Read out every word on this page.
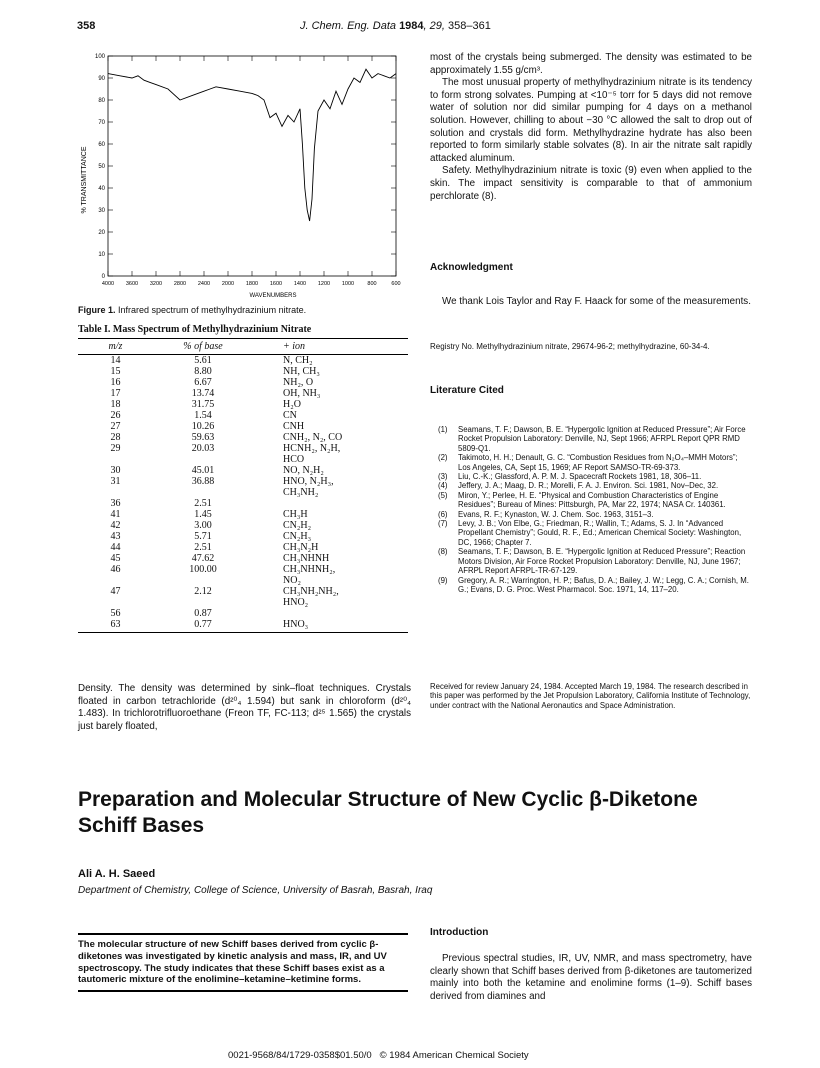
358	J. Chem. Eng. Data 1984, 29, 358–361
% TRANSMITTANCE
WAVENUMBERS
100
90
80
70
60
50
40
30
20
10
0
4000 3600 3200 2800 2400 2000 1800 1600 1400 1200 1000 800	600
Figure 1. Infrared spectrum of methylhydrazinium nitrate.
Table I. Mass Spectrum of Methylhydrazinium Nitrate
m/z	% of base	+ ion
14	5.61	N, CH₂
15	8.80	NH, CH₃
16	6.67	NH₂, O
17	13.74	OH, NH₃
18	31.75	H₂O
26	1.54	CN
27	10.26	CNH
28	59.63	CNH₂, N₂, CO
29	20.03	HCNH₂, N₂H,
		HCO
30	45.01	NO, N₂H₂
31	36.88	HNO, N₂H₃,
		CH₃NH₂
36	2.51	
41	1.45	CH₃H
42	3.00	CN₂H₂
43	5.71	CN₂H₃
44	2.51	CH₃N₂H
45	47.62	CH₃NHNH
46	100.00	CH₃NHNH₂,
		NO₂
47	2.12	CH₃NH₂NH₂,
		HNO₂
56	0.87	
63	0.77	HNO₃
Density. The density was determined by sink–float techniques. Crystals floated in carbon tetrachloride (d²⁰₄ 1.594) but sank in chloroform (d²⁰₄ 1.483). In trichlorotrifluoroethane (Freon TF, FC-113; d²⁵ 1.565) the crystals just barely floated,
most of the crystals being submerged. The density was estimated to be approximately 1.55 g/cm³.
The most unusual property of methylhydrazinium nitrate is its tendency to form strong solvates. Pumping at <10⁻⁵ torr for 5 days did not remove water of solution nor did similar pumping for 4 days on a methanol solution. However, chilling to about −30 °C allowed the salt to drop out of solution and crystals did form. Methylhydrazine hydrate has also been reported to form similarly stable solvates (8). In air the nitrate salt rapidly attacked aluminum.
Safety. Methylhydrazinium nitrate is toxic (9) even when applied to the skin. The impact sensitivity is comparable to that of ammonium perchlorate (8).
Acknowledgment
We thank Lois Taylor and Ray F. Haack for some of the measurements.
Registry No. Methylhydrazinium nitrate, 29674-96-2; methylhydrazine, 60-34-4.
Literature Cited
(1) Seamans, T. F.; Dawson, B. E. “Hypergolic Ignition at Reduced Pressure”; Air Force Rocket Propulsion Laboratory: Denville, NJ, Sept 1966; AFRPL Report QPR RMD 5809-Q1.
(2) Takimoto, H. H.; Denault, G. C. “Combustion Residues from N₂O₄–MMH Motors”; Los Angeles, CA, Sept 15, 1969; AF Report SAMSO-TR-69-373.
(3) Liu, C.-K.; Glassford, A. P. M. J. Spacecraft Rockets 1981, 18, 306–11.
(4) Jeffery, J. A.; Maag, D. R.; Morelli, F. A. J. Environ. Sci. 1981, Nov–Dec, 32.
(5) Miron, Y.; Perlee, H. E. “Physical and Combustion Characteristics of Engine Residues”; Bureau of Mines: Pittsburgh, PA, Mar 22, 1974; NASA Cr. 140361.
(6) Evans, R. F.; Kynaston, W. J. Chem. Soc. 1963, 3151–3.
(7) Levy, J. B.; Von Elbe, G.; Friedman, R.; Wallin, T.; Adams, S. J. In “Advanced Propellant Chemistry”; Gould, R. F., Ed.; American Chemical Society: Washington, DC, 1966; Chapter 7.
(8) Seamans, T. F.; Dawson, B. E. “Hypergolic Ignition at Reduced Pressure”; Reaction Motors Division, Air Force Rocket Propulsion Laboratory: Denville, NJ, June 1967; AFRPL Report AFRPL-TR-67-129.
(9) Gregory, A. R.; Warrington, H. P.; Bafus, D. A.; Bailey, J. W.; Legg, C. A.; Cornish, M. G.; Evans, D. G. Proc. West Pharmacol. Soc. 1971, 14, 117–20.
Received for review January 24, 1984. Accepted March 19, 1984. The research described in this paper was performed by the Jet Propulsion Laboratory, California Institute of Technology, under contract with the National Aeronautics and Space Administration.
Preparation and Molecular Structure of New Cyclic β-Diketone Schiff Bases
Ali A. H. Saeed
Department of Chemistry, College of Science, University of Basrah, Basrah, Iraq
The molecular structure of new Schiff bases derived from cyclic β-diketones was investigated by kinetic analysis and mass, IR, and UV spectroscopy. The study indicates that these Schiff bases exist as a tautomeric mixture of the enolimine–ketamine–ketimine forms.
Introduction
Previous spectral studies, IR, UV, NMR, and mass spectrometry, have clearly shown that Schiff bases derived from β-diketones are tautomerized mainly into both the ketamine and enolimine forms (1–9). Schiff bases derived from diamines and
0021-9568/84/1729-0358$01.50/0 © 1984 American Chemical Society
